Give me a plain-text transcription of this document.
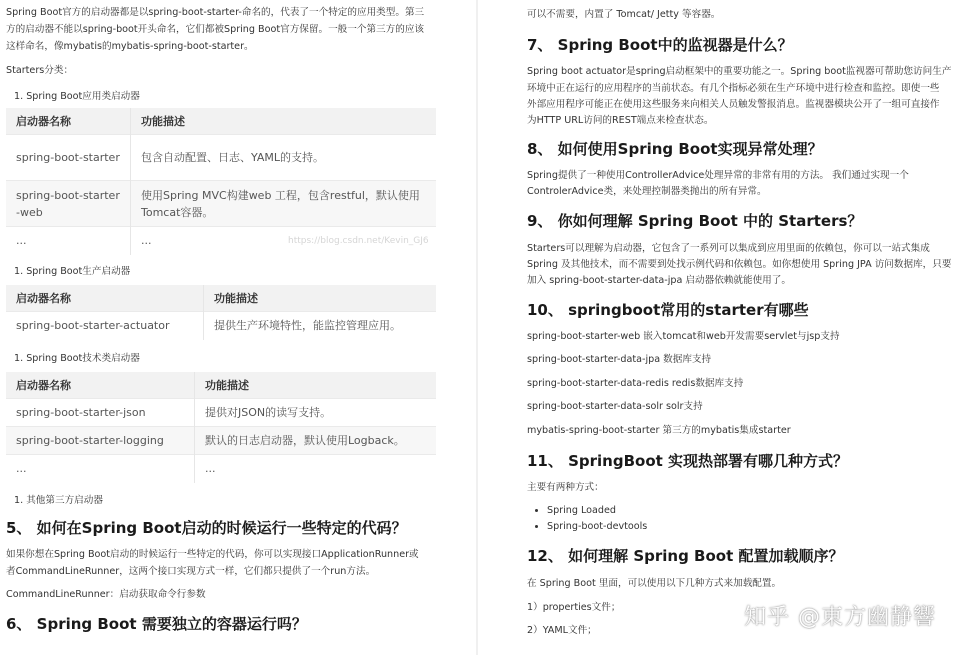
Spring Boot官方的启动器都是以spring-boot-starter-命名的，代表了一个特定的应用类型。第三
方的启动器不能以spring-boot开头命名，它们都被Spring Boot官方保留。一般一个第三方的应该
这样命名，像mybatis的mybatis-spring-boot-starter。
Starters分类：
1. Spring Boot应用类启动器
启动器名称	功能描述
spring-boot-starter	包含自动配置、日志、YAML的支持。
spring-boot-starter-web	使用Spring MVC构建web 工程，包含restful，默认使用Tomcat容器。
...	...	https://blog.csdn.net/Kevin_GJ6
1. Spring Boot生产启动器
启动器名称	功能描述
spring-boot-starter-actuator	提供生产环境特性，能监控管理应用。
1. Spring Boot技术类启动器
启动器名称	功能描述
spring-boot-starter-json	提供对JSON的读写支持。
spring-boot-starter-logging	默认的日志启动器，默认使用Logback。
...	...
1. 其他第三方启动器
5、 如何在Spring Boot启动的时候运行一些特定的代码？
如果你想在Spring Boot启动的时候运行一些特定的代码，你可以实现接口ApplicationRunner或
者CommandLineRunner，这两个接口实现方式一样，它们都只提供了一个run方法。
CommandLineRunner：启动获取命令行参数
6、 Spring Boot 需要独立的容器运行吗？
可以不需要，内置了 Tomcat/ Jetty 等容器。
7、 Spring Boot中的监视器是什么？
Spring boot actuator是spring启动框架中的重要功能之一。Spring boot监视器可帮助您访问生产
环境中正在运行的应用程序的当前状态。有几个指标必须在生产环境中进行检查和监控。即使一些
外部应用程序可能正在使用这些服务来向相关人员触发警报消息。监视器模块公开了一组可直接作
为HTTP URL访问的REST端点来检查状态。
8、 如何使用Spring Boot实现异常处理？
Spring提供了一种使用ControllerAdvice处理异常的非常有用的方法。 我们通过实现一个
ControlerAdvice类，来处理控制器类抛出的所有异常。
9、 你如何理解 Spring Boot 中的 Starters？
Starters可以理解为启动器，它包含了一系列可以集成到应用里面的依赖包，你可以一站式集成
Spring 及其他技术，而不需要到处找示例代码和依赖包。如你想使用 Spring JPA 访问数据库，只要
加入 spring-boot-starter-data-jpa 启动器依赖就能使用了。
10、 springboot常用的starter有哪些
spring-boot-starter-web 嵌入tomcat和web开发需要servlet与jsp支持
spring-boot-starter-data-jpa 数据库支持
spring-boot-starter-data-redis redis数据库支持
spring-boot-starter-data-solr solr支持
mybatis-spring-boot-starter 第三方的mybatis集成starter
11、 SpringBoot 实现热部署有哪几种方式？
主要有两种方式：
12、 如何理解 Spring Boot 配置加载顺序？
在 Spring Boot 里面，可以使用以下几种方式来加载配置。
1）properties文件；
2）YAML文件；
• Spring Loaded
• Spring-boot-devtools
知乎 @東方幽静響
